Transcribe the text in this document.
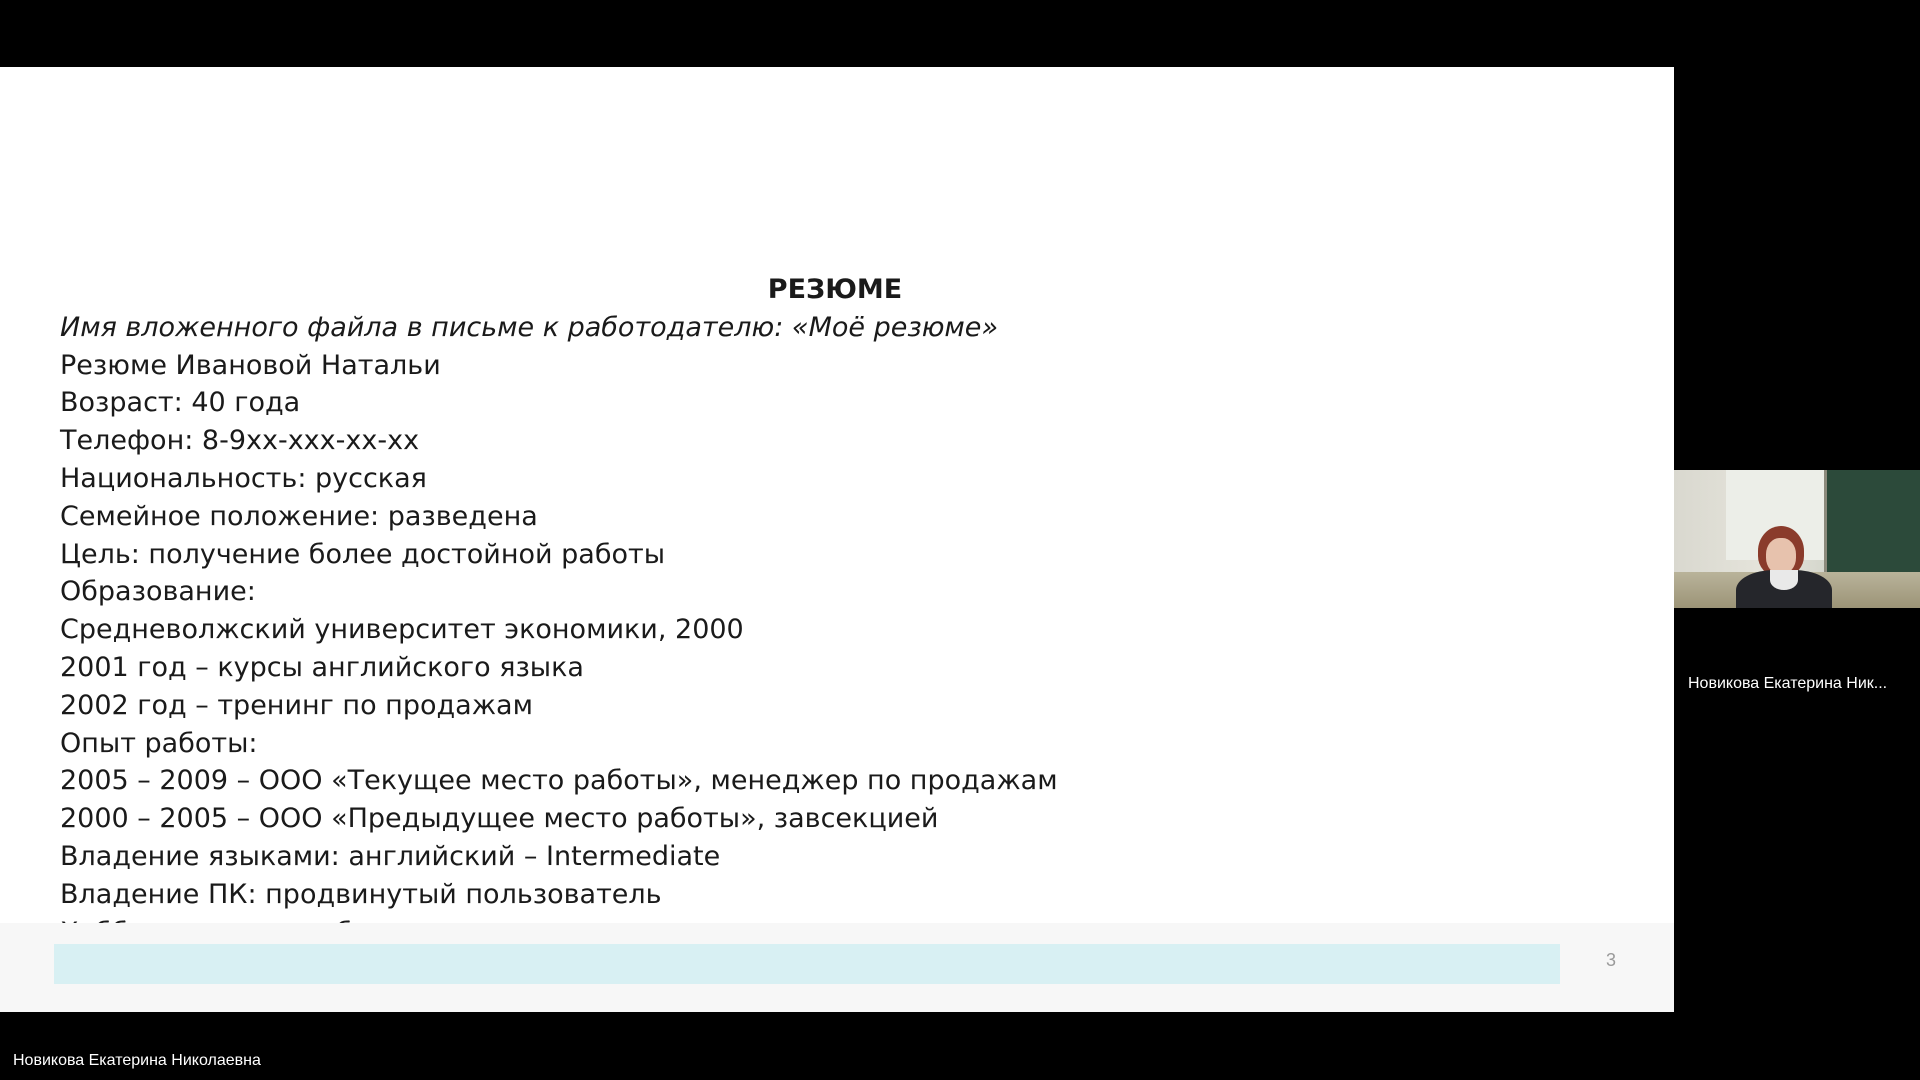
РЕЗЮМЕ
Имя вложенного файла в письме к работодателю: «Моё резюме»
Резюме Ивановой Натальи
Возраст: 40 года
Телефон: 8-9хх-ххх-хх-хх
Национальность: русская
Семейное положение: разведена
Цель: получение более достойной работы
Образование:
Средневолжский университет экономики, 2000
2001 год – курсы английского языка
2002 год – тренинг по продажам
Опыт работы:
2005 – 2009 – ООО «Текущее место работы», менеджер по продажам
2000 – 2005 – ООО «Предыдущее место работы», завсекцией
Владение языками: английский – Intermediate
Владение ПК: продвинутый пользователь
3
Новикова Екатерина Ник...
Новикова Екатерина Николаевна
